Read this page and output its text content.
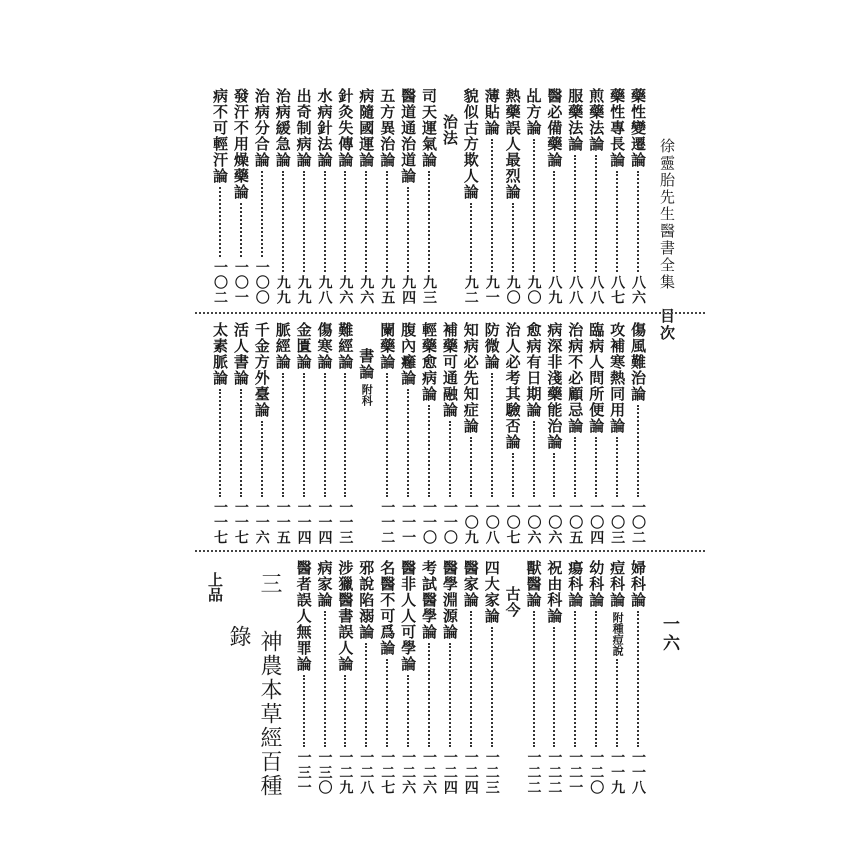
徐靈胎先生醫書全集
目次
一六
藥性變遷論
八六
藥性專長論
八七
煎藥法論
八八
服藥法論
八八
醫必備藥論
八九
乩方論
九〇
熱藥誤人最烈論
九〇
薄貼論
九一
貌似古方欺人論
九二
治法
司天運氣論
九三
醫道通治道論
九四
五方異治論
九五
病隨國運論
九六
針灸失傳論
九六
水病針法論
九八
出奇制病論
九九
治病緩急論
九九
治病分合論
一〇〇
發汗不用燥藥論
一〇一
病不可輕汗論
一〇二
傷風難治論
一〇二
攻補寒熱同用論
一〇三
臨病人問所便論
一〇四
治病不必顧忌論
一〇五
病深非淺藥能治論
一〇六
愈病有日期論
一〇六
治人必考其驗否論
一〇七
防微論
一〇八
知病必先知症論
一〇九
補藥可通融論
一一〇
輕藥愈病論
一一〇
腹內癰論
一一一
闌藥論
一一二
書論
附科
難經論
一一三
傷寒論
一一四
金匱論
一一四
脈經論
一一五
千金方外臺論
一一六
活人書論
一一七
太素脈論
一一七
婦科論
一一八
痘科論
附種痘說
一一九
幼科論
一二〇
瘍科論
一二一
祝由科論
一二二
獸醫論
一二二
古今
四大家論
一二三
醫家論
一二四
醫學淵源論
一二四
考試醫學論
一二六
醫非人人可學論
一二六
名醫不可爲論
一二七
邪說陷溺論
一二八
涉獵醫書誤人論
一二九
病家論
一三〇
醫者誤人無罪論
一三一
三
神農本草經百種
錄
上品
